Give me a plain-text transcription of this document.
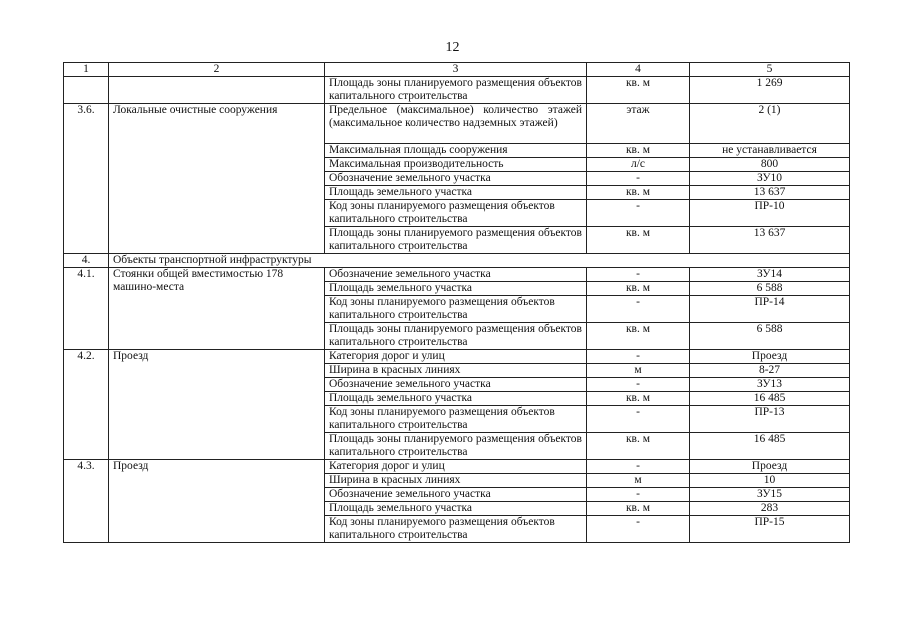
12
1	2	3	4	5
		Площадь зоны планируемого размещения объектов капитального строительства	кв. м	1 269
3.6.	Локальные очистные сооружения	Предельное (максимальное) количество этажей (максимальное количество надземных этажей)	этаж	2 (1)
		Максимальная площадь сооружения	кв. м	не устанавливается
		Максимальная производительность	л/с	800
		Обозначение земельного участка	-	ЗУ10
		Площадь земельного участка	кв. м	13 637
		Код зоны планируемого размещения объектов капитального строительства	-	ПР-10
		Площадь зоны планируемого размещения объектов капитального строительства	кв. м	13 637
4.	Объекты транспортной инфраструктуры			
4.1.	Стоянки общей вместимостью 178 машино-места	Обозначение земельного участка	-	ЗУ14
		Площадь земельного участка	кв. м	6 588
		Код зоны планируемого размещения объектов капитального строительства	-	ПР-14
		Площадь зоны планируемого размещения объектов капитального строительства	кв. м	6 588
4.2.	Проезд	Категория дорог и улиц	-	Проезд
		Ширина в красных линиях	м	8-27
		Обозначение земельного участка	-	ЗУ13
		Площадь земельного участка	кв. м	16 485
		Код зоны планируемого размещения объектов капитального строительства	-	ПР-13
		Площадь зоны планируемого размещения объектов капитального строительства	кв. м	16 485
4.3.	Проезд	Категория дорог и улиц	-	Проезд
		Ширина в красных линиях	м	10
		Обозначение земельного участка	-	ЗУ15
		Площадь земельного участка	кв. м	283
		Код зоны планируемого размещения объектов капитального строительства	-	ПР-15
